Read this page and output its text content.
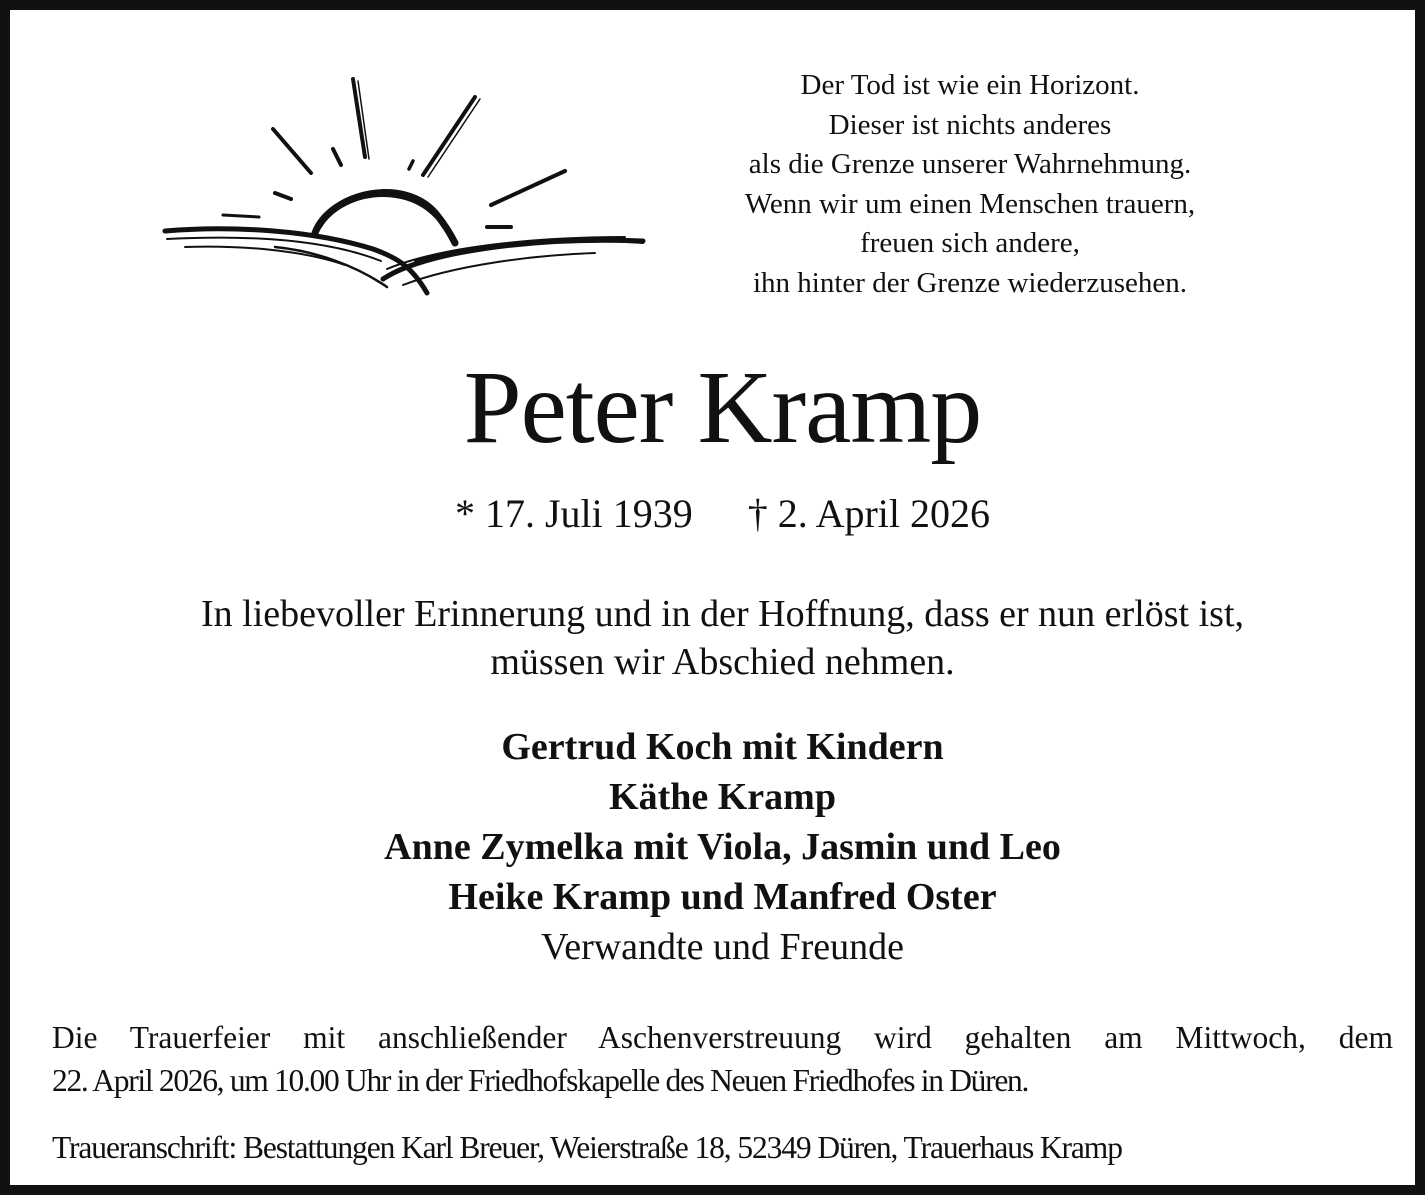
Der Tod ist wie ein Horizont.
Dieser ist nichts anderes
als die Grenze unserer Wahrnehmung.
Wenn wir um einen Menschen trauern,
freuen sich andere,
ihn hinter der Grenze wiederzusehen.
Peter Kramp
* 17. Juli 1939 † 2. April 2026
In liebevoller Erinnerung und in der Hoffnung, dass er nun erlöst ist,
müssen wir Abschied nehmen.
Gertrud Koch mit Kindern
Käthe Kramp
Anne Zymelka mit Viola, Jasmin und Leo
Heike Kramp und Manfred Oster
Verwandte und Freunde
Die Trauerfeier mit anschließender Aschenverstreuung wird gehalten am Mittwoch, dem
22. April 2026, um 10.00 Uhr in der Friedhofskapelle des Neuen Friedhofes in Düren.
Traueranschrift: Bestattungen Karl Breuer, Weierstraße 18, 52349 Düren, Trauerhaus Kramp
